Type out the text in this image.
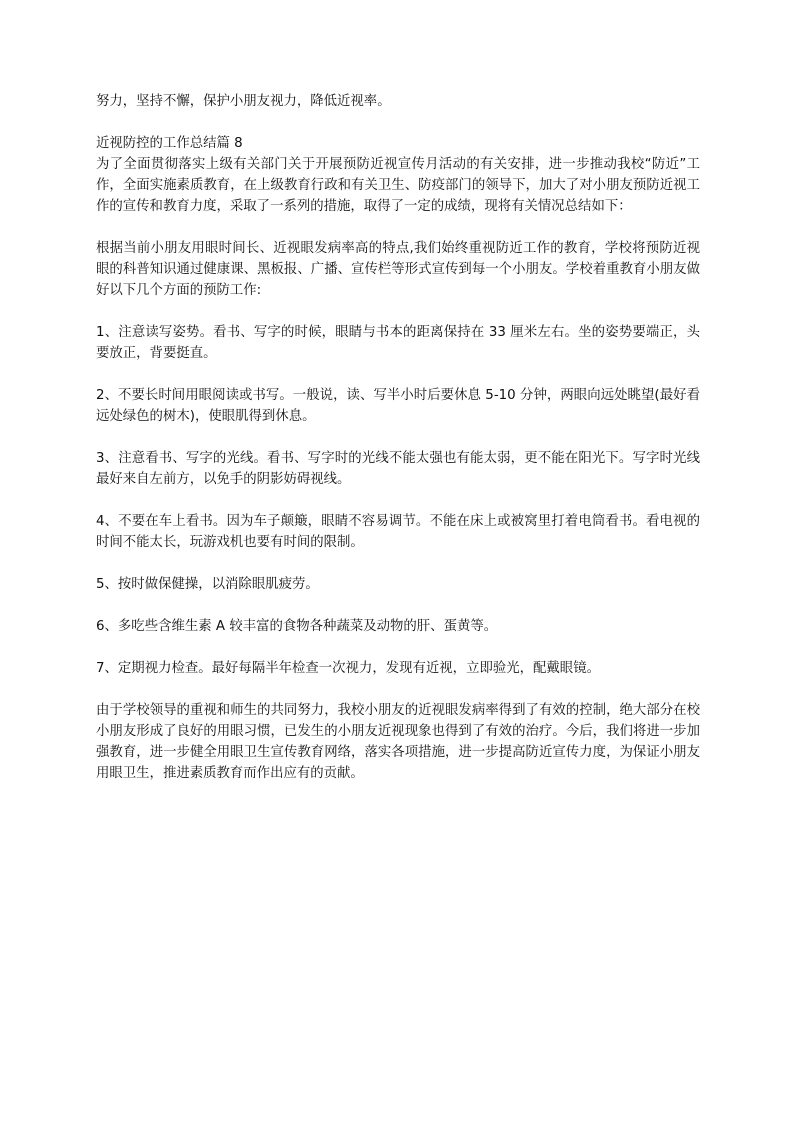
努力，坚持不懈，保护小朋友视力，降低近视率。

近视防控的工作总结篇 8

为了全面贯彻落实上级有关部门关于开展预防近视宣传月活动的有关安排，进一步推动我校“防近”工作，全面实施素质教育，在上级教育行政和有关卫生、防疫部门的领导下，加大了对小朋友预防近视工作的宣传和教育力度，采取了一系列的措施，取得了一定的成绩，现将有关情况总结如下：

根据当前小朋友用眼时间长、近视眼发病率高的特点,我们始终重视防近工作的教育，学校将预防近视眼的科普知识通过健康课、黑板报、广播、宣传栏等形式宣传到每一个小朋友。学校着重教育小朋友做好以下几个方面的预防工作:

1、注意读写姿势。看书、写字的时候，眼睛与书本的距离保持在 33 厘米左右。坐的姿势要端正，头要放正，背要挺直。

2、不要长时间用眼阅读或书写。一般说，读、写半小时后要休息 5-10 分钟，两眼向远处眺望(最好看远处绿色的树木)，使眼肌得到休息。

3、注意看书、写字的光线。看书、写字时的光线不能太强也有能太弱，更不能在阳光下。写字时光线最好来自左前方，以免手的阴影妨碍视线。

4、不要在车上看书。因为车子颠簸，眼睛不容易调节。不能在床上或被窝里打着电筒看书。看电视的时间不能太长，玩游戏机也要有时间的限制。

5、按时做保健操，以消除眼肌疲劳。

6、多吃些含维生素 A 较丰富的食物各种蔬菜及动物的肝、蛋黄等。

7、定期视力检查。最好每隔半年检查一次视力，发现有近视，立即验光，配戴眼镜。

由于学校领导的重视和师生的共同努力，我校小朋友的近视眼发病率得到了有效的控制，绝大部分在校小朋友形成了良好的用眼习惯，已发生的小朋友近视现象也得到了有效的治疗。今后，我们将进一步加强教育，进一步健全用眼卫生宣传教育网络，落实各项措施，进一步提高防近宣传力度，为保证小朋友用眼卫生，推进素质教育而作出应有的贡献。
